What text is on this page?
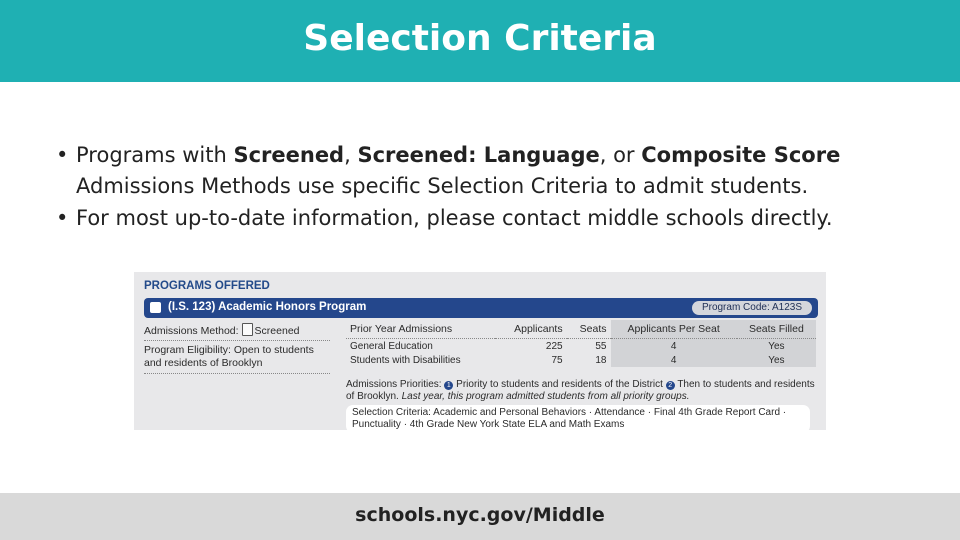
Selection Criteria
• Programs with Screened, Screened: Language, or Composite Score Admissions Methods use specific Selection Criteria to admit students.
• For most up-to-date information, please contact middle schools directly.
PROGRAMS OFFERED
(I.S. 123) Academic Honors Program	Program Code: A123S
Admissions Method: Screened
Program Eligibility: Open to students and residents of Brooklyn
Prior Year Admissions	Applicants	Seats	Applicants Per Seat	Seats Filled
General Education	225	55	4	Yes
Students with Disabilities	75	18	4	Yes
Admissions Priorities: 1 Priority to students and residents of the District 2 Then to students and residents of Brooklyn. Last year, this program admitted students from all priority groups.
Selection Criteria: Academic and Personal Behaviors · Attendance · Final 4th Grade Report Card · Punctuality · 4th Grade New York State ELA and Math Exams
schools.nyc.gov/Middle
